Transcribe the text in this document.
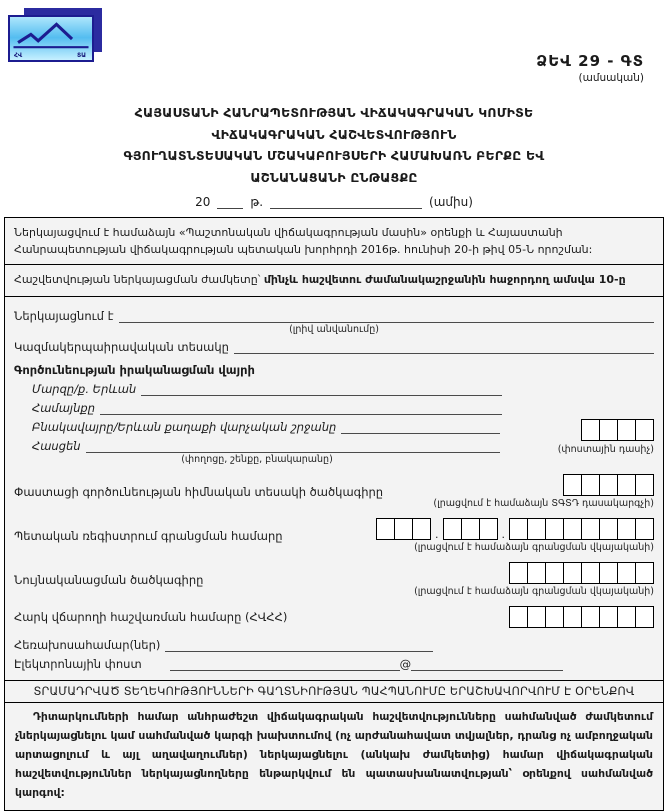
ՀՎ	ՏԱ	ՁԵՎ 29 - ԳՏ
(ամսական)
ՀԱՅԱՍՏԱՆԻ ՀԱՆՐԱՊԵՏՈՒԹՅԱՆ ՎԻՃԱԿԱԳՐԱԿԱՆ ԿՈՄԻՏԵ
ՎԻՃԱԿԱԳՐԱԿԱՆ ՀԱՇՎԵՏՎՈՒԹՅՈՒՆ
ԳՅՈՒՂԱՏՆՏԵՍԱԿԱՆ ՄՇԱԿԱԲՈՒՅՍԵՐԻ ՀԱՄԱԽԱՌՆ ԲԵՐՔԸ ԵՎ
ԱՇՆԱՆԱՑԱՆԻ ԸՆԹԱՑՔԸ
20	թ.	(ամիս)
Ներկայացվում է համաձայն «Պաշտոնական վիճակագրության մասին» օրենքի և Հայաստանի Հանրապետության վիճակագրության պետական խորհրդի 2016թ. հունիսի 20-ի թիվ 05-Ն որոշման:
Հաշվետվության ներկայացման ժամկետը՝ մինչև հաշվետու ժամանակաշրջանին հաջորդող ամսվա 10-ը
Ներկայացնում է
(լրիվ անվանումը)
Կազմակերպաիրավական տեսակը
Գործունեության իրականացման վայրի
Մարզը/ք. Երևան
Համայնքը
Բնակավայրը/Երևան քաղաքի վարչական շրջանը
Հասցեն
(փողոցը, շենքը, բնակարանը)
(փոստային դասիչ)
Փաստացի գործունեության հիմնական տեսակի ծածկագիրը
(լրացվում է համաձայն ՏԳՏԴ դասակարգչի)
Պետական ռեգիստրում գրանցման համարը	.	.
(լրացվում է համաձայն գրանցման վկայականի)
Նույնականացման ծածկագիրը
(լրացվում է համաձայն գրանցման վկայականի)
Հարկ վճարողի հաշվառման համարը (ՀՎՀՀ)
Հեռախոսահամար(ներ)
Էլեկտրոնային փոստ	@
ՏՐԱՄԱԴՐՎԱԾ ՏԵՂԵԿՈՒԹՅՈՒՆՆԵՐԻ ԳԱՂՏՆԻՈՒԹՅԱՆ ՊԱՀՊԱՆՈՒՄԸ ԵՐԱՇԽԱՎՈՐՎՈՒՄ Է ՕՐԵՆՔՈՎ
Դիտարկումների համար անհրաժեշտ վիճակագրական հաշվետվությունները սահմանված ժամկետում չներկայացնելու կամ սահմանված կարգի խախտումով (ոչ արժանահավատ տվյալներ, դրանց ոչ ամբողջական արտացոլում և այլ աղավաղումներ) ներկայացնելու (անկախ ժամկետից) համար վիճակագրական հաշվետվություններ ներկայացնողները ենթարկվում են պատասխանատվության՝ օրենքով սահմանված կարգով:
